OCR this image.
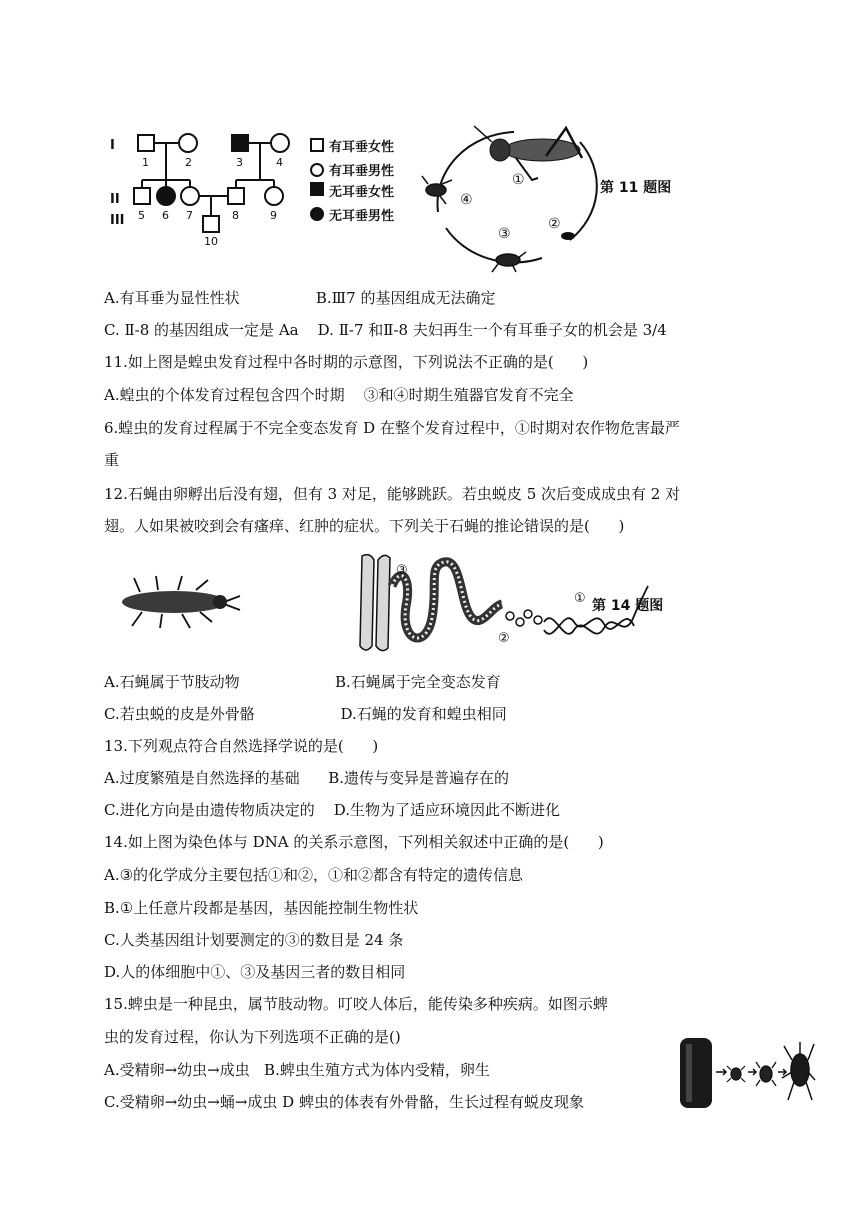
I
II
III
1	2	3	4
5 6 7	8	9
10
有耳垂女性
有耳垂男性
无耳垂女性
无耳垂男性
①
②
③
④
第 11 题图
③
②
① 第 14 题图
A.有耳垂为显性性状                B.Ⅲ7 的基因组成无法确定
C. Ⅱ-8 的基因组成一定是 Aa    D. Ⅱ-7 和Ⅱ-8 夫妇再生一个有耳垂子女的机会是 3/4
11.如上图是蝗虫发育过程中各时期的示意图，下列说法不正确的是(      )
A.蝗虫的个体发育过程包含四个时期    ③和④时期生殖器官发育不完全
6.蝗虫的发育过程属于不完全变态发育 D 在整个发育过程中，①时期对农作物危害最严
重
12.石蝇由卵孵出后没有翅，但有 3 对足，能够跳跃。若虫蜕皮 5 次后变成成虫有 2 对
翅。人如果被咬到会有瘙痒、红肿的症状。下列关于石蝇的推论错误的是(      )
A.石蝇属于节肢动物                    B.石蝇属于完全变态发育
C.若虫蜕的皮是外骨骼                  D.石蝇的发育和蝗虫相同
13.下列观点符合自然选择学说的是(      )
A.过度繁殖是自然选择的基础      B.遗传与变异是普遍存在的
C.进化方向是由遗传物质决定的    D.生物为了适应环境因此不断进化
14.如上图为染色体与 DNA 的关系示意图，下列相关叙述中正确的是(      )
A.③的化学成分主要包括①和②，①和②都含有特定的遗传信息
B.①上任意片段都是基因，基因能控制生物性状
C.人类基因组计划要测定的③的数目是 24 条
D.人的体细胞中①、③及基因三者的数目相同
15.蜱虫是一种昆虫，属节肢动物。叮咬人体后，能传染多种疾病。如图示蜱
虫的发育过程，你认为下列选项不正确的是()
A.受精卵→幼虫→成虫   B.蜱虫生殖方式为体内受精，卵生
C.受精卵→幼虫→蛹→成虫 D 蜱虫的体表有外骨骼，生长过程有蜕皮现象
